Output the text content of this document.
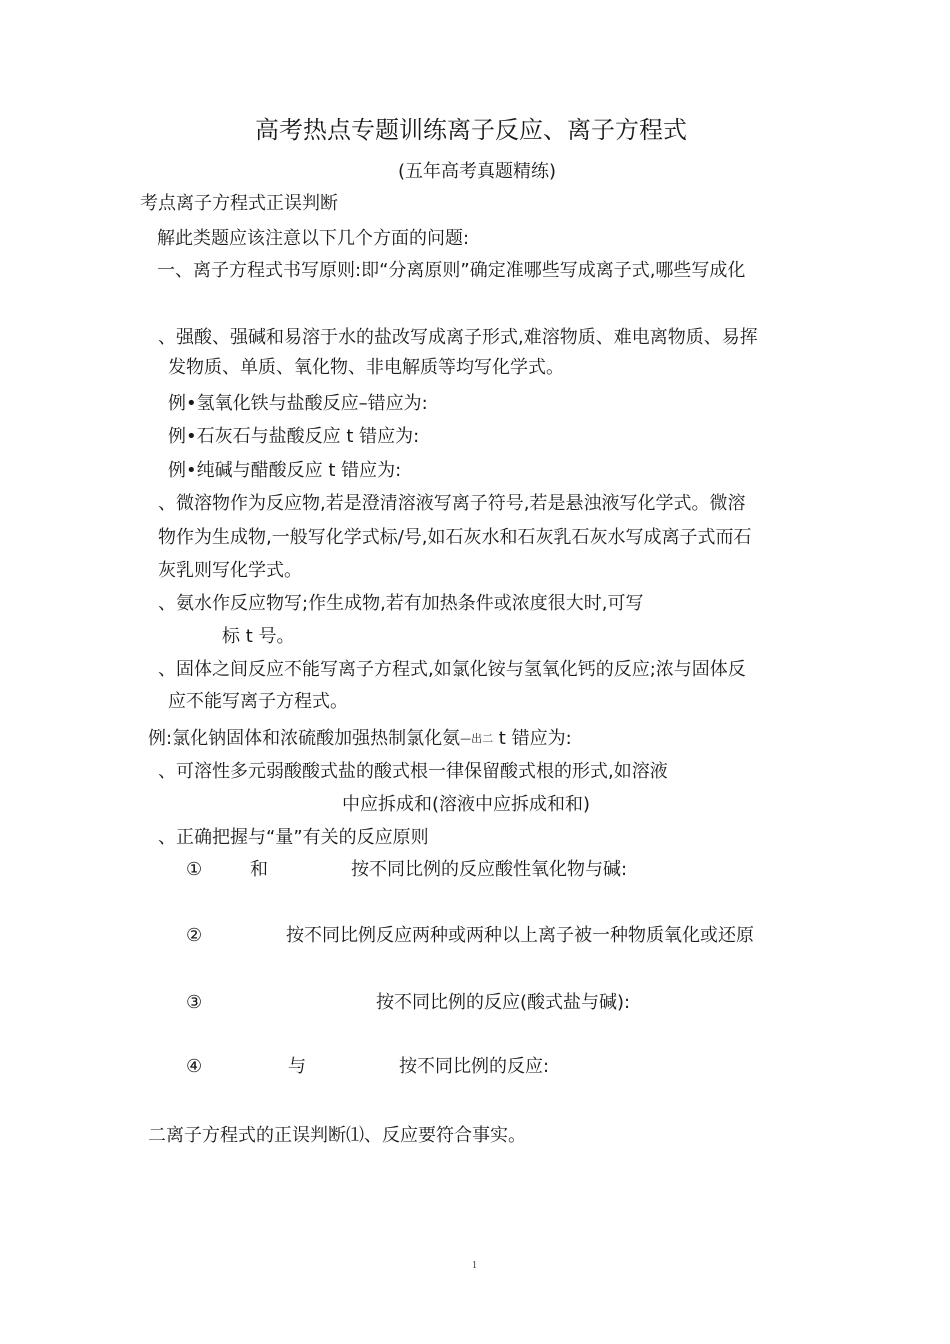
高考热点专题训练离子反应、离子方程式
(五年高考真题精练)
考点离子方程式正误判断
解此类题应该注意以下几个方面的问题:
一、离子方程式书写原则:即“分离原则”确定准哪些写成离子式,哪些写成化
、强酸、强碱和易溶于水的盐改写成离子形式,难溶物质、难电离物质、易挥
发物质、单质、氧化物、非电解质等均写化学式。
例•氢氧化铁与盐酸反应–错应为:
例•石灰石与盐酸反应 t 错应为:
例•纯碱与醋酸反应 t 错应为:
、微溶物作为反应物,若是澄清溶液写离子符号,若是悬浊液写化学式。微溶
物作为生成物,一般写化学式标/号,如石灰水和石灰乳石灰水写成离子式而石
灰乳则写化学式。
、氨水作反应物写;作生成物,若有加热条件或浓度很大时,可写
标 t 号。
、固体之间反应不能写离子方程式,如氯化铵与氢氧化钙的反应;浓与固体反
应不能写离子方程式。
例:氯化钠固体和浓硫酸加强热制氯化氨—出二 t 错应为:
、可溶性多元弱酸酸式盐的酸式根一律保留酸式根的形式,如溶液
中应拆成和(溶液中应拆成和和)
、正确把握与“量”有关的反应原则
①	和	按不同比例的反应酸性氧化物与碱:
②	按不同比例反应两种或两种以上离子被一种物质氧化或还原
③	按不同比例的反应(酸式盐与碱):
④	与	按不同比例的反应:
二离子方程式的正误判断⑴、反应要符合事实。
1
